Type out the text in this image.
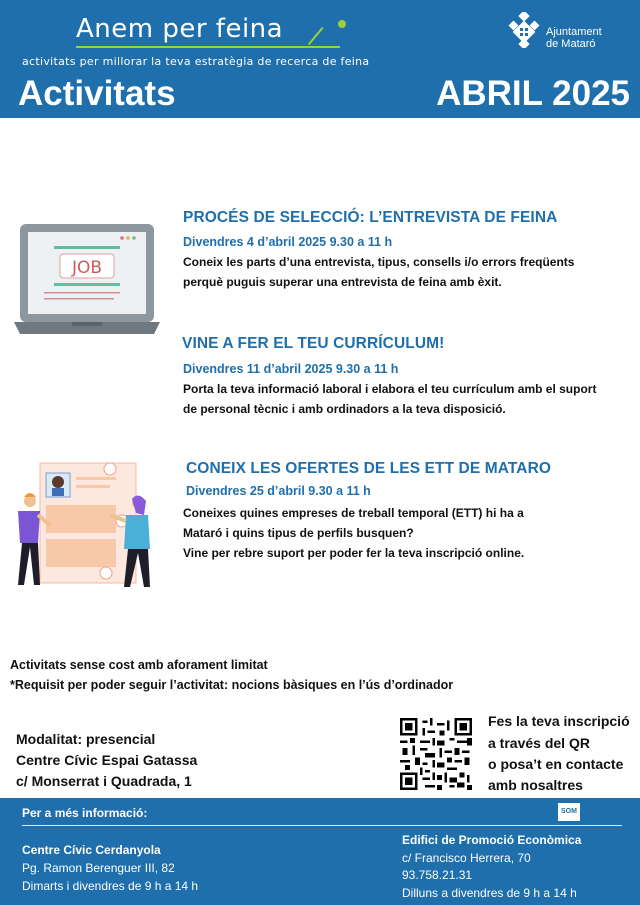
Anem per feina
activitats per millorar la teva estratègia de recerca de feina
Activitats	ABRIL 2025
Ajuntament
de Mataró
JOB
PROCÉS DE SELECCIÓ: L’ENTREVISTA DE FEINA
Divendres 4 d’abril 2025 9.30 a 11 h
Coneix les parts d’una entrevista, tipus, consells i/o errors freqüents
perquè puguis superar una entrevista de feina amb èxit.
VINE A FER EL TEU CURRÍCULUM!
Divendres 11 d’abril 2025 9.30 a 11 h
Porta la teva informació laboral i elabora el teu currículum amb el suport
de personal tècnic i amb ordinadors a la teva disposició.
CONEIX LES OFERTES DE LES ETT DE MATARO
Divendres 25 d’abril 9.30 a 11 h
Coneixes quines empreses de treball temporal (ETT) hi ha a
Mataró i quins tipus de perfils busquen?
Vine per rebre suport per poder fer la teva inscripció online.
Activitats sense cost amb aforament limitat
*Requisit per poder seguir l’activitat: nocions bàsiques en l’ús d’ordinador
Modalitat: presencial
Centre Cívic Espai Gatassa
c/ Monserrat i Quadrada, 1
Fes la teva inscripció
a través del QR
o posa’t en contacte
amb nosaltres
Per a més informació:	SOM
Centre Cívic Cerdanyola
Pg. Ramon Berenguer III, 82
Dimarts i divendres de 9 h a 14 h
Edifici de Promoció Econòmica
c/ Francisco Herrera, 70
93.758.21.31
Dilluns a divendres de 9 h a 14 h
